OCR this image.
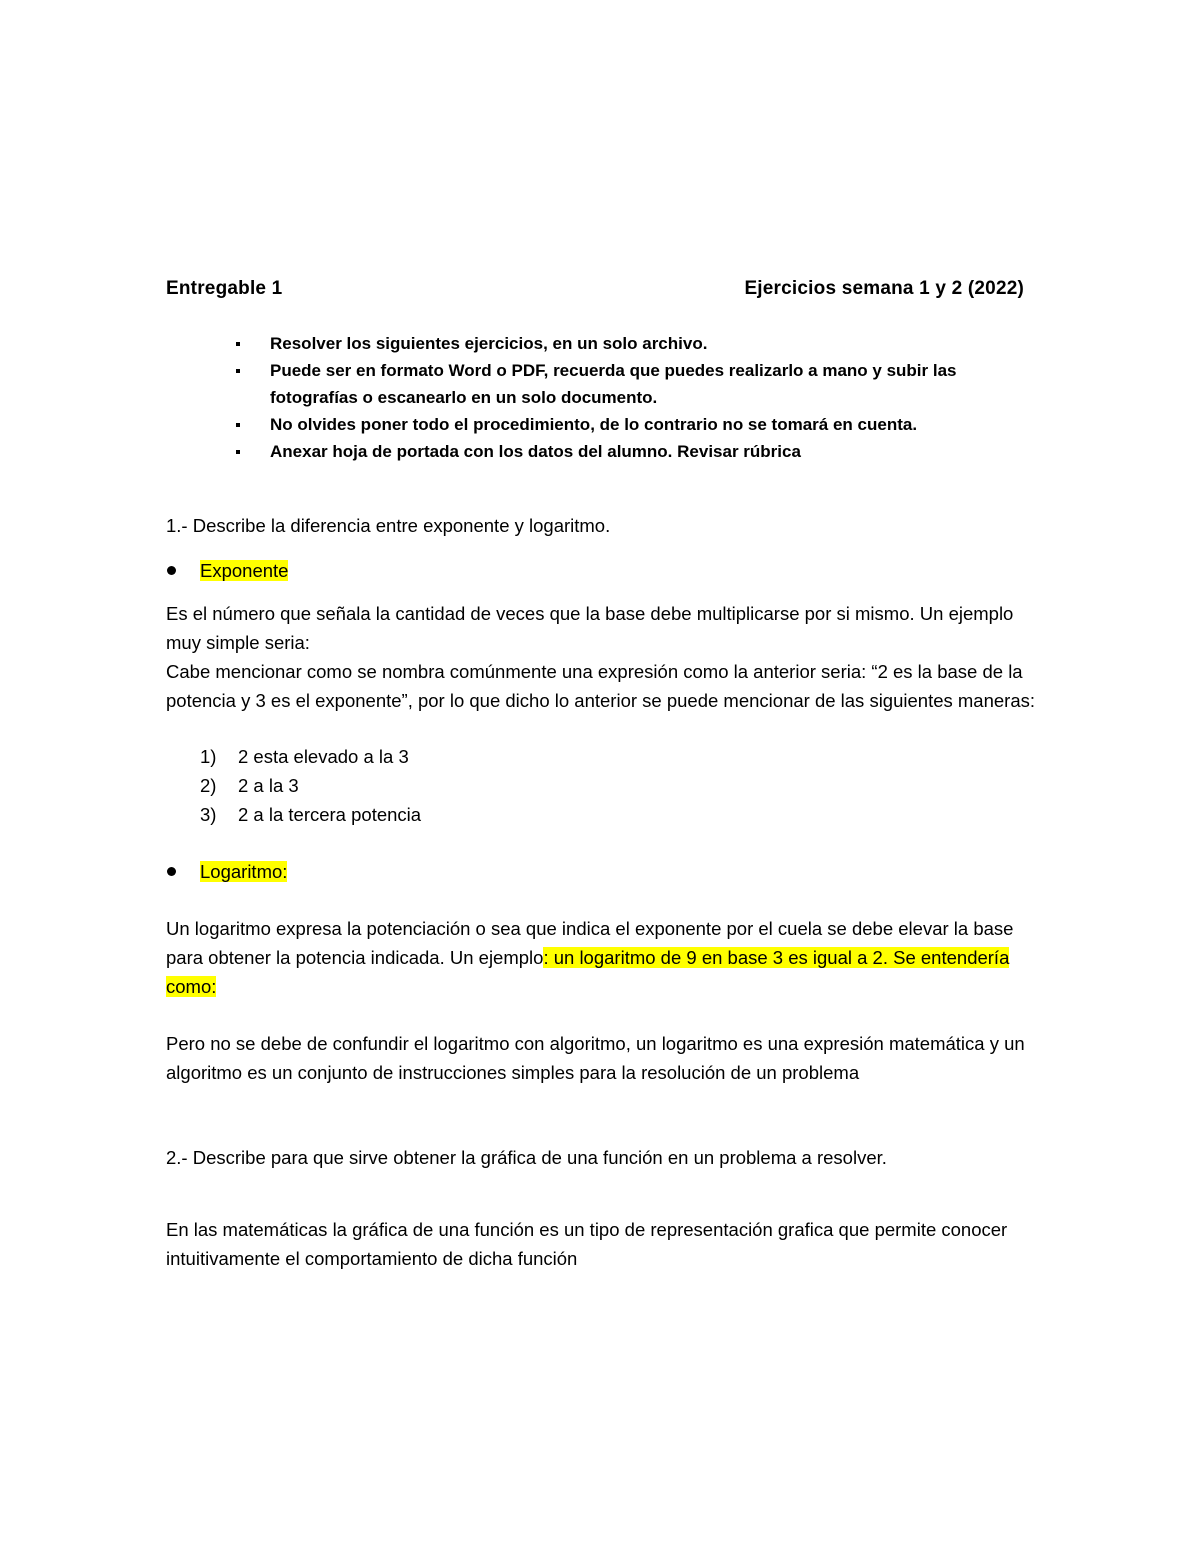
Entregable 1	Ejercicios semana 1 y 2 (2022)
Resolver los siguientes ejercicios, en un solo archivo.
Puede ser en formato Word o PDF, recuerda que puedes realizarlo a mano y subir las fotografías o escanearlo en un solo documento.
No olvides poner todo el procedimiento, de lo contrario no se tomará en cuenta.
Anexar hoja de portada con los datos del alumno. Revisar rúbrica

1.- Describe la diferencia entre exponente y logaritmo.

Exponente

Es el número que señala la cantidad de veces que la base debe multiplicarse por si mismo. Un ejemplo muy simple seria:

Cabe mencionar como se nombra comúnmente una expresión como la anterior seria: “2 es la base de la potencia y 3 es el exponente”, por lo que dicho lo anterior se puede mencionar de las siguientes maneras:

1) 2 esta elevado a la 3
2) 2 a la 3
3) 2 a la tercera potencia
Logaritmo:

Un logaritmo expresa la potenciación o sea que indica el exponente por el cuela se debe elevar la base para obtener la potencia indicada. Un ejemplo: un logaritmo de 9 en base 3 es igual a 2. Se entendería como:

Pero no se debe de confundir el logaritmo con algoritmo, un logaritmo es una expresión matemática y un algoritmo es un conjunto de instrucciones simples para la resolución de un problema

2.- Describe para que sirve obtener la gráfica de una función en un problema a resolver.

En las matemáticas la gráfica de una función es un tipo de representación grafica que permite conocer intuitivamente el comportamiento de dicha función
